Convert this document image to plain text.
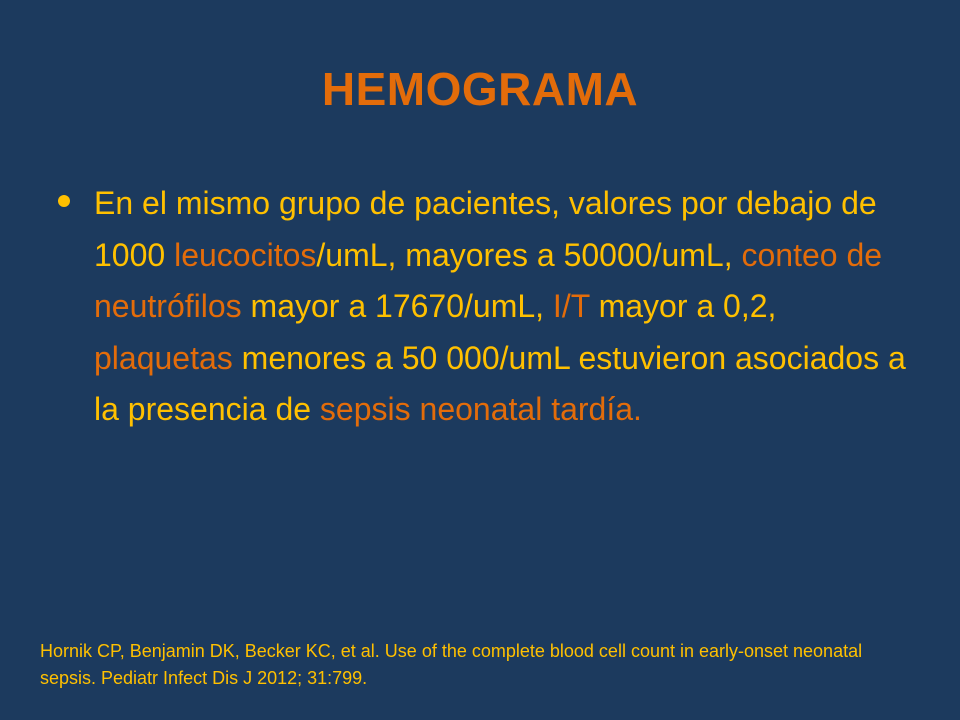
HEMOGRAMA
En el mismo grupo de pacientes, valores por debajo de 1000 leucocitos/umL, mayores a 50000/umL, conteo de neutrófilos mayor a 17670/umL, I/T mayor a 0,2, plaquetas menores a 50 000/umL estuvieron asociados a la presencia de sepsis neonatal tardía.
Hornik CP, Benjamin DK, Becker KC, et al. Use of the complete blood cell count in early-onset neonatal sepsis. Pediatr Infect Dis J 2012; 31:799.
